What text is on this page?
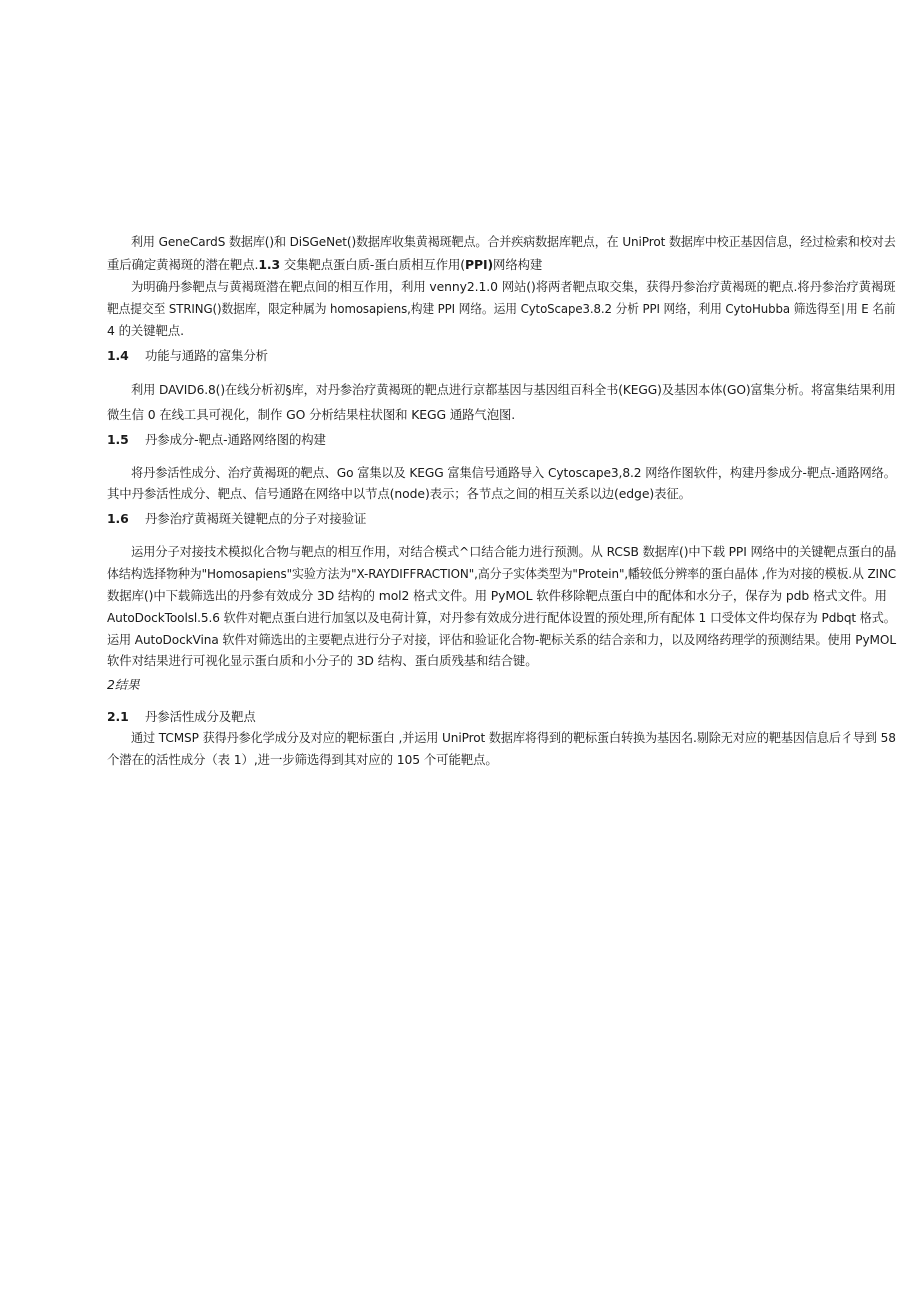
利用 GeneCardS 数据库()和 DiSGeNet()数据库收集黄褐斑靶点。合并疾病数据库靶点，在 UniProt 数据库中校正基因信息，经过检索和校对去
重后确定黄褐斑的潜在靶点.1.3 交集靶点蛋白质-蛋白质相互作用(PPI)网络构建
为明确丹参靶点与黄褐斑潜在靶点间的相互作用，利用 venny2.1.0 网站()将两者靶点取交集，获得丹参治疗黄褐斑的靶点.将丹参治疗黄褐斑
靶点提交至 STRING()数据库，限定种属为 homosapiens,构建 PPI 网络。运用 CytoScape3.8.2 分析 PPI 网络，利用 CytoHubba 筛选得至∣用 E 名前
4 的关键靶点.
1.4 功能与通路的富集分析
利用 DAVID6.8()在线分析初§库，对丹参治疗黄褐斑的靶点进行京都基因与基因组百科全书(KEGG)及基因本体(GO)富集分析。将富集结果利用
微生信 0 在线工具可视化，制作 GO 分析结果柱状图和 KEGG 通路气泡图.
1.5 丹参成分-靶点-通路网络图的构建
将丹参活性成分、治疗黄褐斑的靶点、Go 富集以及 KEGG 富集信号通路导入 Cytoscape3,8.2 网络作图软件，构建丹参成分-靶点-通路网络。
其中丹参活性成分、靶点、信号通路在网络中以节点(node)表示；各节点之间的相互关系以边(edge)表征。
1.6 丹参治疗黄褐斑关键靶点的分子对接验证
运用分子对接技术模拟化合物与靶点的相互作用，对结合模式^口结合能力进行预测。从 RCSB 数据库()中下载 PPI 网络中的关键靶点蛋白的晶
体结构选择物种为"Homosapiens"实验方法为"X-RAYDIFFRACTION",高分子实体类型为"Protein",幡较低分辨率的蛋白晶体 ,作为对接的模板.从 ZINC
数据库()中下载筛选出的丹参有效成分 3D 结构的 mol2 格式文件。用 PyMOL 软件移除靶点蛋白中的配体和水分子，保存为 pdb 格式文件。用
AutoDockToolsl.5.6 软件对靶点蛋白进行加氢以及电荷计算，对丹参有效成分进行配体设置的预处理,所有配体 1 口受体文件均保存为 Pdbqt 格式。
运用 AutoDockVina 软件对筛选出的主要靶点进行分子对接，评估和验证化合物-靶标关系的结合亲和力，以及网络药理学的预测结果。使用 PyMOL
软件对结果进行可视化显示蛋白质和小分子的 3D 结构、蛋白质残基和结合键。
2结果
2.1 丹参活性成分及靶点
通过 TCMSP 获得丹参化学成分及对应的靶标蛋白 ,并运用 UniProt 数据库将得到的靶标蛋白转换为基因名.剔除无对应的靶基因信息后彳导到 58
个潜在的活性成分（表 1）,进一步筛选得到其对应的 105 个可能靶点。
